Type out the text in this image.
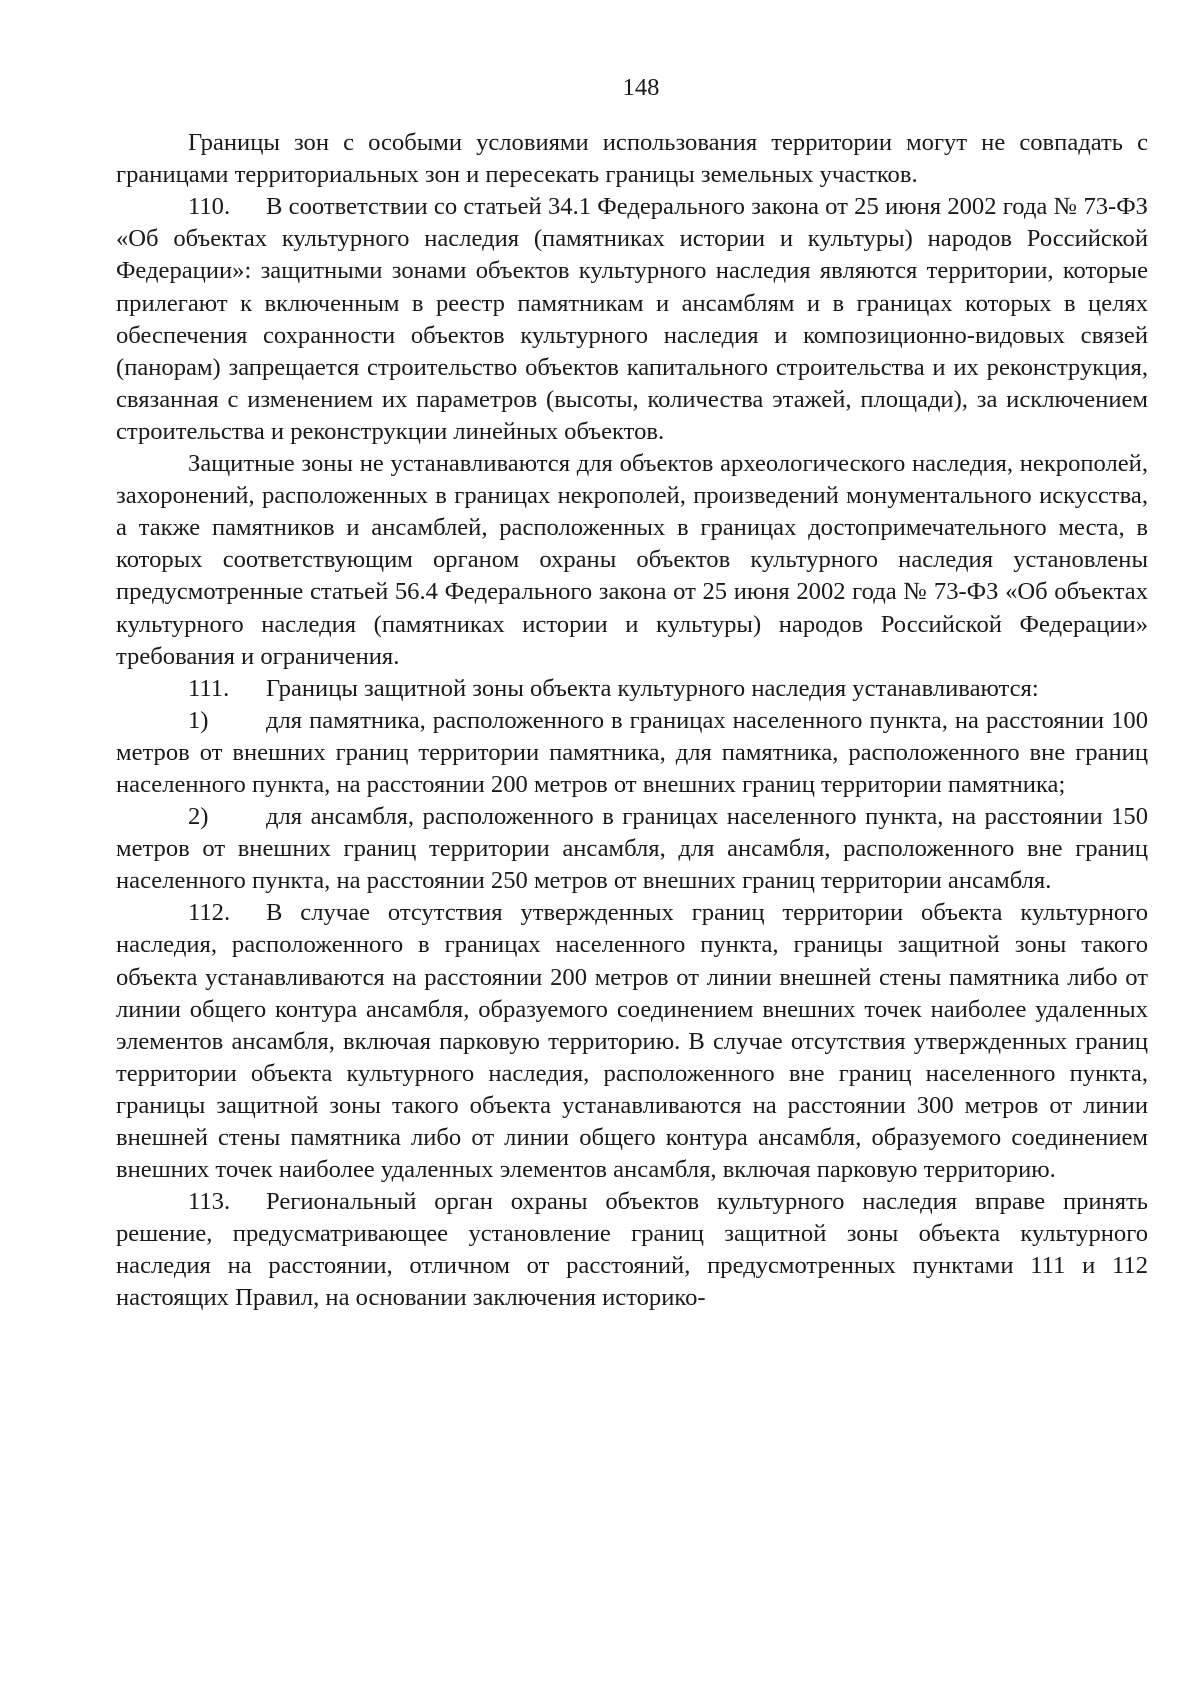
148

Границы зон с особыми условиями использования территории могут не совпадать с границами территориальных зон и пересекать границы земельных участков.

110. В соответствии со статьей 34.1 Федерального закона от 25 июня 2002 года № 73-ФЗ «Об объектах культурного наследия (памятниках истории и культуры) народов Российской Федерации»: защитными зонами объектов культурного наследия являются территории, которые прилегают к включенным в реестр памятникам и ансамблям и в границах которых в целях обеспечения сохранности объектов культурного наследия и композиционно-видовых связей (панорам) запрещается строительство объектов капитального строительства и их реконструкция, связанная с изменением их параметров (высоты, количества этажей, площади), за исключением строительства и реконструкции линейных объектов.

Защитные зоны не устанавливаются для объектов археологического наследия, некрополей, захоронений, расположенных в границах некрополей, произведений монументального искусства, а также памятников и ансамблей, расположенных в границах достопримечательного места, в которых соответствующим органом охраны объектов культурного наследия установлены предусмотренные статьей 56.4 Федерального закона от 25 июня 2002 года № 73-ФЗ «Об объектах культурного наследия (памятниках истории и культуры) народов Российской Федерации» требования и ограничения.

111. Границы защитной зоны объекта культурного наследия устанавливаются:

1) для памятника, расположенного в границах населенного пункта, на расстоянии 100 метров от внешних границ территории памятника, для памятника, расположенного вне границ населенного пункта, на расстоянии 200 метров от внешних границ территории памятника;

2) для ансамбля, расположенного в границах населенного пункта, на расстоянии 150 метров от внешних границ территории ансамбля, для ансамбля, расположенного вне границ населенного пункта, на расстоянии 250 метров от внешних границ территории ансамбля.

112. В случае отсутствия утвержденных границ территории объекта культурного наследия, расположенного в границах населенного пункта, границы защитной зоны такого объекта устанавливаются на расстоянии 200 метров от линии внешней стены памятника либо от линии общего контура ансамбля, образуемого соединением внешних точек наиболее удаленных элементов ансамбля, включая парковую территорию. В случае отсутствия утвержденных границ территории объекта культурного наследия, расположенного вне границ населенного пункта, границы защитной зоны такого объекта устанавливаются на расстоянии 300 метров от линии внешней стены памятника либо от линии общего контура ансамбля, образуемого соединением внешних точек наиболее удаленных элементов ансамбля, включая парковую территорию.

113. Региональный орган охраны объектов культурного наследия вправе принять решение, предусматривающее установление границ защитной зоны объекта культурного наследия на расстоянии, отличном от расстояний, предусмотренных пунктами 111 и 112 настоящих Правил, на основании заключения историко-
